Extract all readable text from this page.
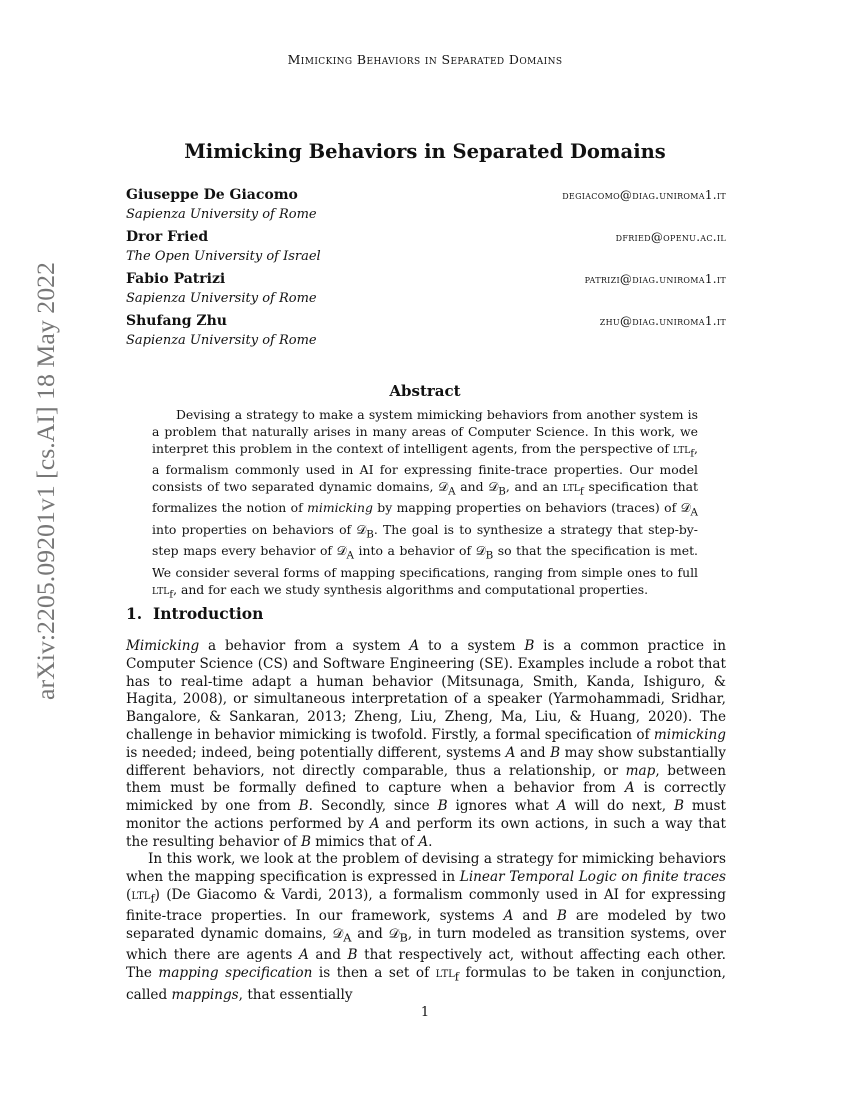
Mimicking Behaviors in Separated Domains
arXiv:2205.09201v1 [cs.AI] 18 May 2022
Mimicking Behaviors in Separated Domains
Giuseppe De Giacomo
Sapienza University of Rome
degiacomo@diag.uniroma1.it
Dror Fried
The Open University of Israel
dfried@openu.ac.il
Fabio Patrizi
Sapienza University of Rome
patrizi@diag.uniroma1.it
Shufang Zhu
Sapienza University of Rome
zhu@diag.uniroma1.it
Abstract
Devising a strategy to make a system mimicking behaviors from another system is a problem that naturally arises in many areas of Computer Science. In this work, we interpret this problem in the context of intelligent agents, from the perspective of ltl$_f$, a formalism commonly used in AI for expressing finite-trace properties. Our model consists of two separated dynamic domains, 𝒟$_A$ and 𝒟$_B$, and an ltl$_f$ specification that formalizes the notion of mimicking by mapping properties on behaviors (traces) of 𝒟$_A$ into properties on behaviors of 𝒟$_B$. The goal is to synthesize a strategy that step-by-step maps every behavior of 𝒟$_A$ into a behavior of 𝒟$_B$ so that the specification is met. We consider several forms of mapping specifications, ranging from simple ones to full ltl$_f$, and for each we study synthesis algorithms and computational properties.
1. Introduction
Mimicking a behavior from a system A to a system B is a common practice in Computer Science (CS) and Software Engineering (SE). Examples include a robot that has to real-time adapt a human behavior (Mitsunaga, Smith, Kanda, Ishiguro, & Hagita, 2008), or simultaneous interpretation of a speaker (Yarmohammadi, Sridhar, Bangalore, & Sankaran, 2013; Zheng, Liu, Zheng, Ma, Liu, & Huang, 2020). The challenge in behavior mimicking is twofold. Firstly, a formal specification of mimicking is needed; indeed, being potentially different, systems A and B may show substantially different behaviors, not directly comparable, thus a relationship, or map, between them must be formally defined to capture when a behavior from A is correctly mimicked by one from B. Secondly, since B ignores what A will do next, B must monitor the actions performed by A and perform its own actions, in such a way that the resulting behavior of B mimics that of A.
In this work, we look at the problem of devising a strategy for mimicking behaviors when the mapping specification is expressed in Linear Temporal Logic on finite traces (ltl$_f$) (De Giacomo & Vardi, 2013), a formalism commonly used in AI for expressing finite-trace properties. In our framework, systems A and B are modeled by two separated dynamic domains, 𝒟$_A$ and 𝒟$_B$, in turn modeled as transition systems, over which there are agents A and B that respectively act, without affecting each other. The mapping specification is then a set of ltl$_f$ formulas to be taken in conjunction, called mappings, that essentially
1
